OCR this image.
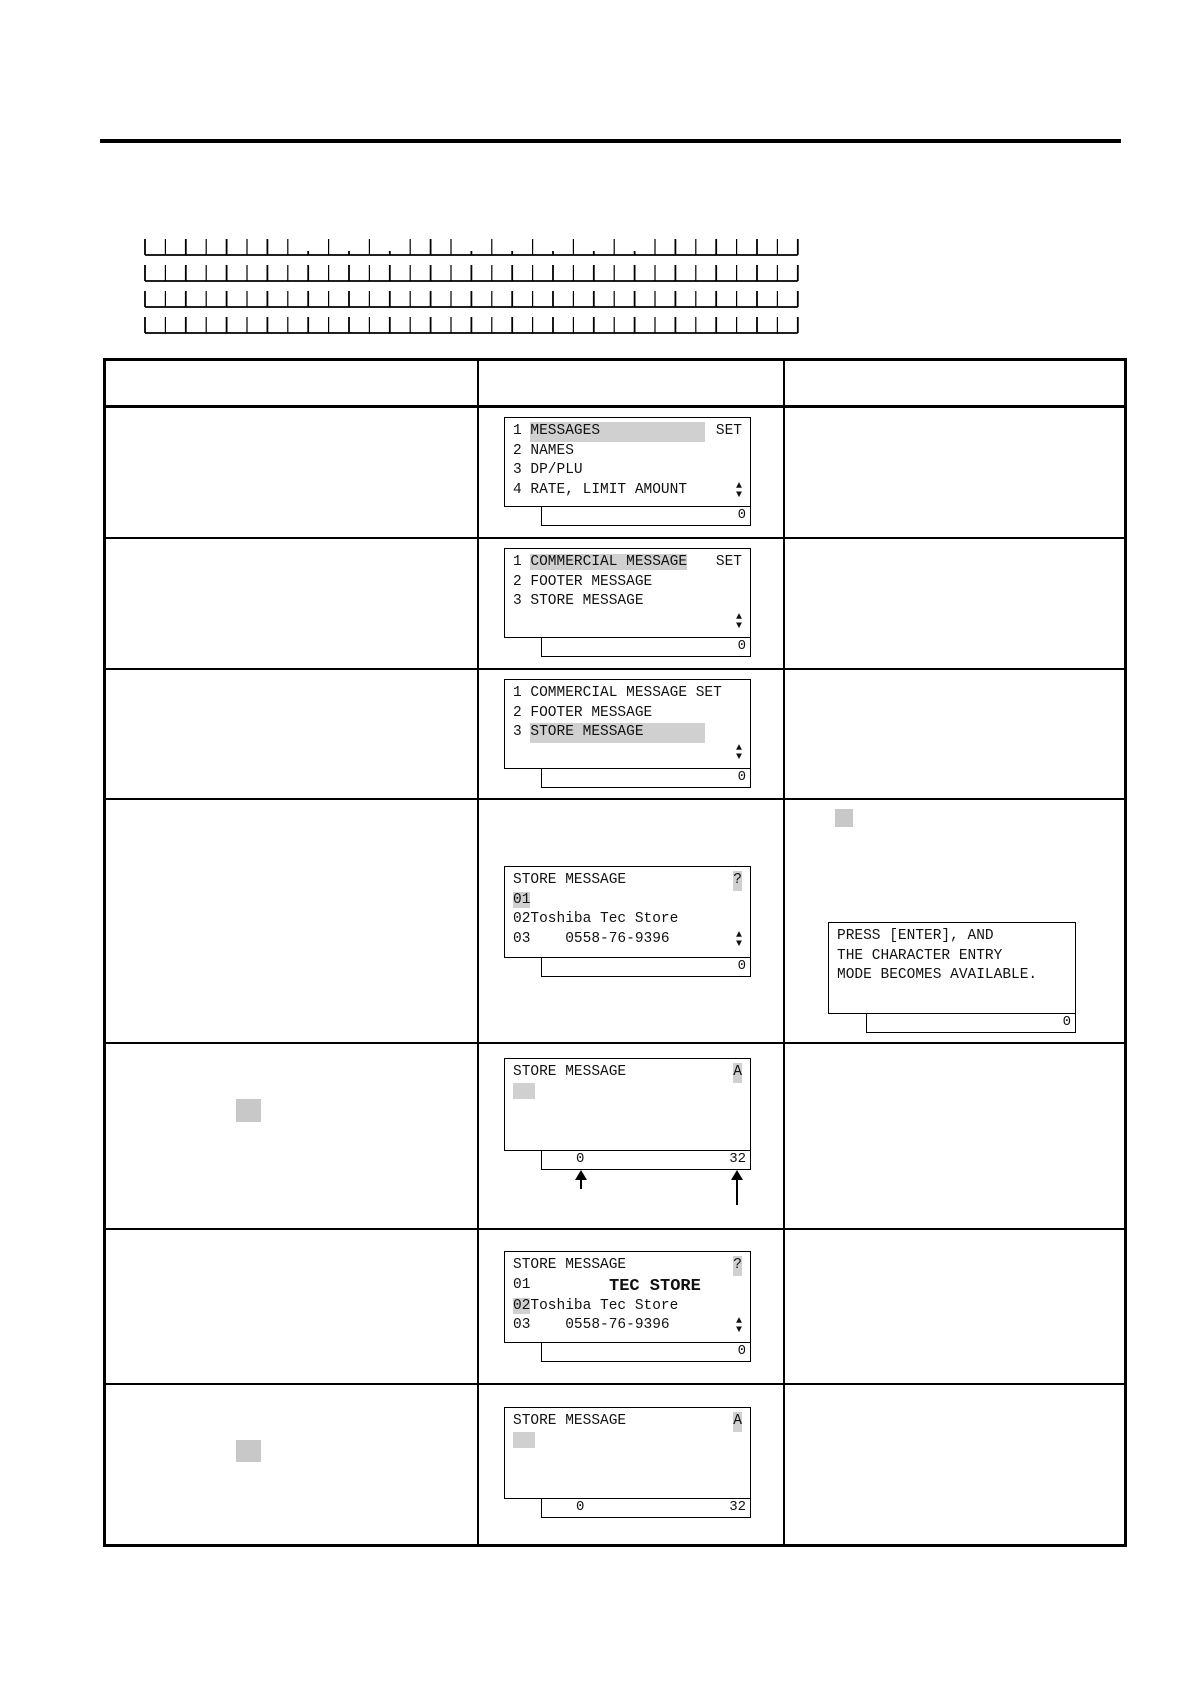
1 MESSAGES	SET
2 NAMES
3 DP/PLU
4 RATE, LIMIT AMOUNT	▲
▼
0
1 COMMERCIAL MESSAGE SET
2 FOOTER MESSAGE
3 STORE MESSAGE
▲
▼
0
1 COMMERCIAL MESSAGE SET
2 FOOTER MESSAGE
3 STORE MESSAGE
▲
▼
0
STORE MESSAGE	?
01
02Toshiba Tec Store
03    0558-76-9396	▲
▼
0
PRESS [ENTER], AND
THE CHARACTER ENTRY
MODE BECOMES AVAILABLE.
0
STORE MESSAGE	A
0	32
STORE MESSAGE	?
01	TEC STORE
02Toshiba Tec Store
03    0558-76-9396	▲
▼
0
STORE MESSAGE	A
0	32
